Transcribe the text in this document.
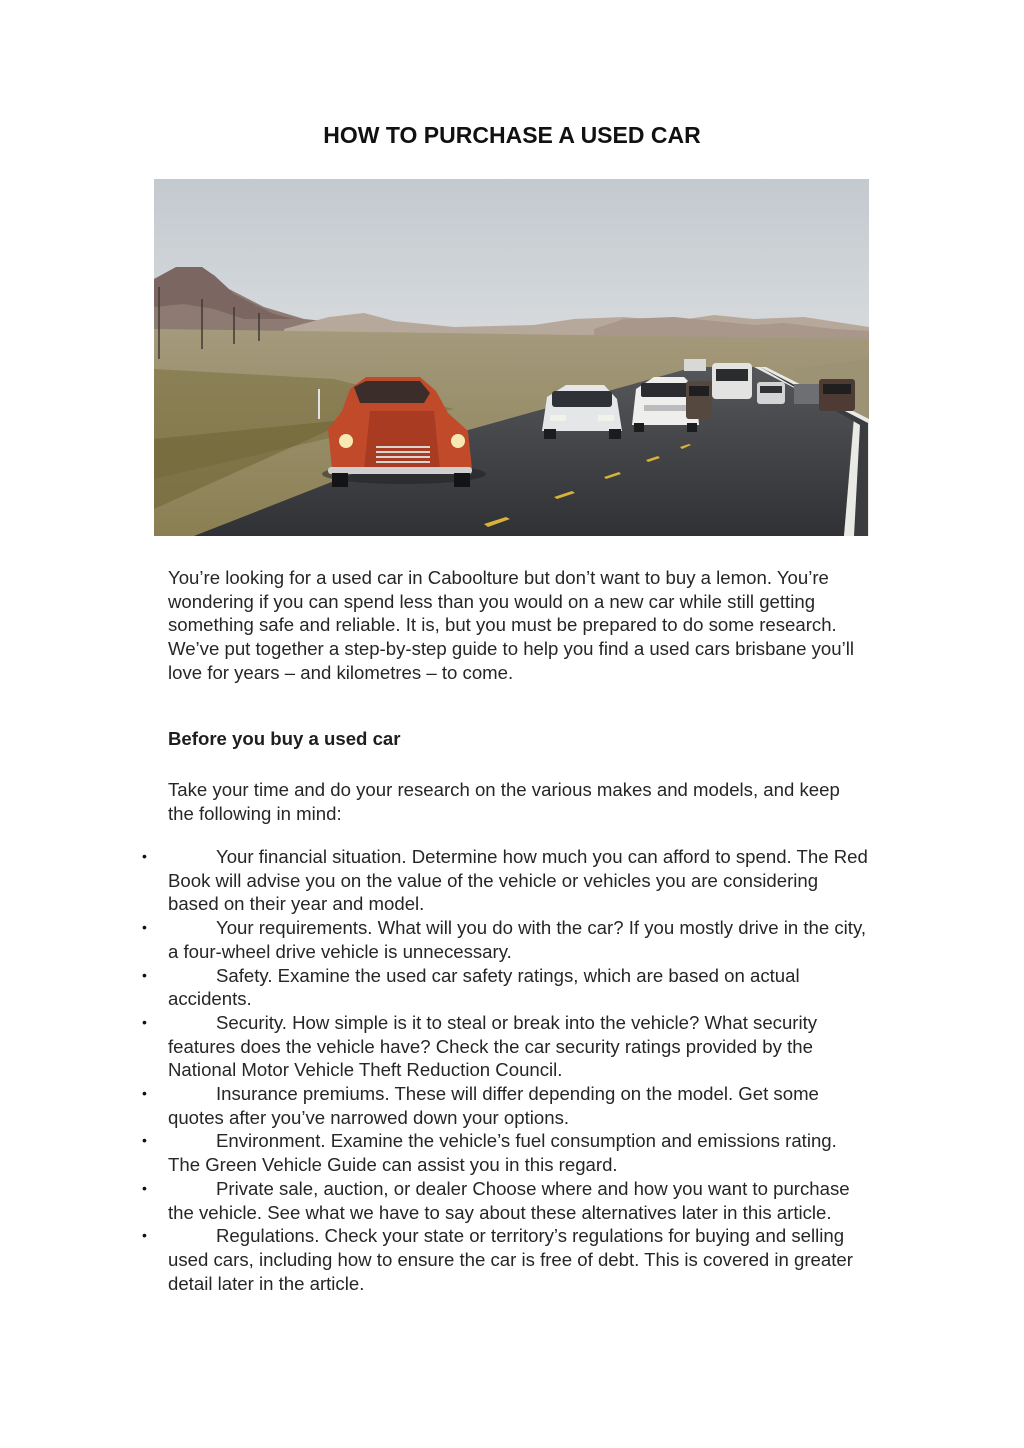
HOW TO PURCHASE A USED CAR

You’re looking for a used car in Caboolture but don’t want to buy a lemon. You’re wondering if you can spend less than you would on a new car while still getting something safe and reliable. It is, but you must be prepared to do some research.

We’ve put together a step-by-step guide to help you find a used cars brisbane you’ll love for years – and kilometres – to come.

Before you buy a used car

Take your time and do your research on the various makes and models, and keep the following in mind:

•	Your financial situation. Determine how much you can afford to spend. The Red Book will advise you on the value of the vehicle or vehicles you are considering based on their year and model.
•	Your requirements. What will you do with the car? If you mostly drive in the city, a four-wheel drive vehicle is unnecessary.
•	Safety. Examine the used car safety ratings, which are based on actual accidents.
•	Security. How simple is it to steal or break into the vehicle? What security features does the vehicle have? Check the car security ratings provided by the National Motor Vehicle Theft Reduction Council.
•	Insurance premiums. These will differ depending on the model. Get some quotes after you’ve narrowed down your options.
•	Environment. Examine the vehicle’s fuel consumption and emissions rating. The Green Vehicle Guide can assist you in this regard.
•	Private sale, auction, or dealer Choose where and how you want to purchase the vehicle. See what we have to say about these alternatives later in this article.
•	Regulations. Check your state or territory’s regulations for buying and selling used cars, including how to ensure the car is free of debt. This is covered in greater detail later in the article.
